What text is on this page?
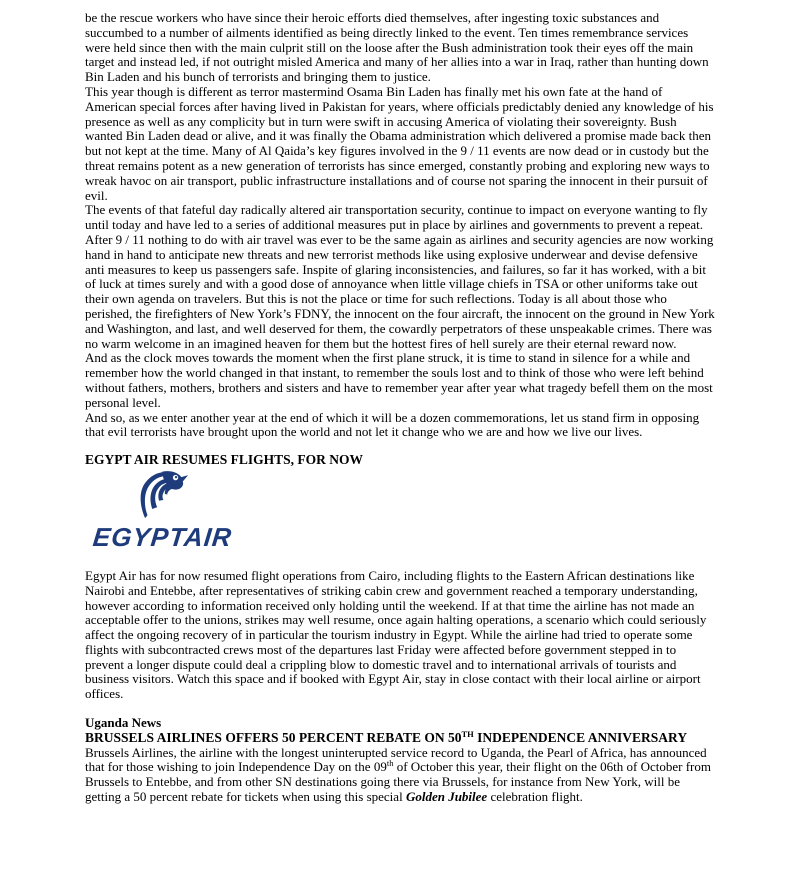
be the rescue workers who have since their heroic efforts died themselves, after ingesting toxic substances and succumbed to a number of ailments identified as being directly linked to the event. Ten times remembrance services were held since then with the main culprit still on the loose after the Bush administration took their eyes off the main target and instead led, if not outright misled America and many of her allies into a war in Iraq, rather than hunting down Bin Laden and his bunch of terrorists and bringing them to justice.

This year though is different as terror mastermind Osama Bin Laden has finally met his own fate at the hand of American special forces after having lived in Pakistan for years, where officials predictably denied any knowledge of his presence as well as any complicity but in turn were swift in accusing America of violating their sovereignty. Bush wanted Bin Laden dead or alive, and it was finally the Obama administration which delivered a promise made back then but not kept at the time. Many of Al Qaida’s key figures involved in the 9 / 11 events are now dead or in custody but the threat remains potent as a new generation of terrorists has since emerged, constantly probing and exploring new ways to wreak havoc on air transport, public infrastructure installations and of course not sparing the innocent in their pursuit of evil.

The events of that fateful day radically altered air transportation security, continue to impact on everyone wanting to fly until today and have led to a series of additional measures put in place by airlines and governments to prevent a repeat.

After 9 / 11 nothing to do with air travel was ever to be the same again as airlines and security agencies are now working hand in hand to anticipate new threats and new terrorist methods like using explosive underwear and devise defensive anti measures to keep us passengers safe. Inspite of glaring inconsistencies, and failures, so far it has worked, with a bit of luck at times surely and with a good dose of annoyance when little village chiefs in TSA or other uniforms take out their own agenda on travelers. But this is not the place or time for such reflections. Today is all about those who perished, the firefighters of New York’s FDNY, the innocent on the four aircraft, the innocent on the ground in New York and Washington, and last, and well deserved for them, the cowardly perpetrators of these unspeakable crimes. There was no warm welcome in an imagined heaven for them but the hottest fires of hell surely are their eternal reward now.

And as the clock moves towards the moment when the first plane struck, it is time to stand in silence for a while and remember how the world changed in that instant, to remember the souls lost and to think of those who were left behind without fathers, mothers, brothers and sisters and have to remember year after year what tragedy befell them on the most personal level.

And so, as we enter another year at the end of which it will be a dozen commemorations, let us stand firm in opposing that evil terrorists have brought upon the world and not let it change who we are and how we live our lives.

EGYPT AIR RESUMES FLIGHTS, FOR NOW
EGYPTAIR

Egypt Air has for now resumed flight operations from Cairo, including flights to the Eastern African destinations like Nairobi and Entebbe, after representatives of striking cabin crew and government reached a temporary understanding, however according to information received only holding until the weekend. If at that time the airline has not made an acceptable offer to the unions, strikes may well resume, once again halting operations, a scenario which could seriously affect the ongoing recovery of in particular the tourism industry in Egypt. While the airline had tried to operate some flights with subcontracted crews most of the departures last Friday were affected before government stepped in to prevent a longer dispute could deal a crippling blow to domestic travel and to international arrivals of tourists and business visitors. Watch this space and if booked with Egypt Air, stay in close contact with their local airline or airport offices.

Uganda News

BRUSSELS AIRLINES OFFERS 50 PERCENT REBATE ON 50TH INDEPENDENCE ANNIVERSARY

Brussels Airlines, the airline with the longest uninterupted service record to Uganda, the Pearl of Africa, has announced that for those wishing to join Independence Day on the 09th of October this year, their flight on the 06th of October from Brussels to Entebbe, and from other SN destinations going there via Brussels, for instance from New York, will be getting a 50 percent rebate for tickets when using this special Golden Jubilee celebration flight.
